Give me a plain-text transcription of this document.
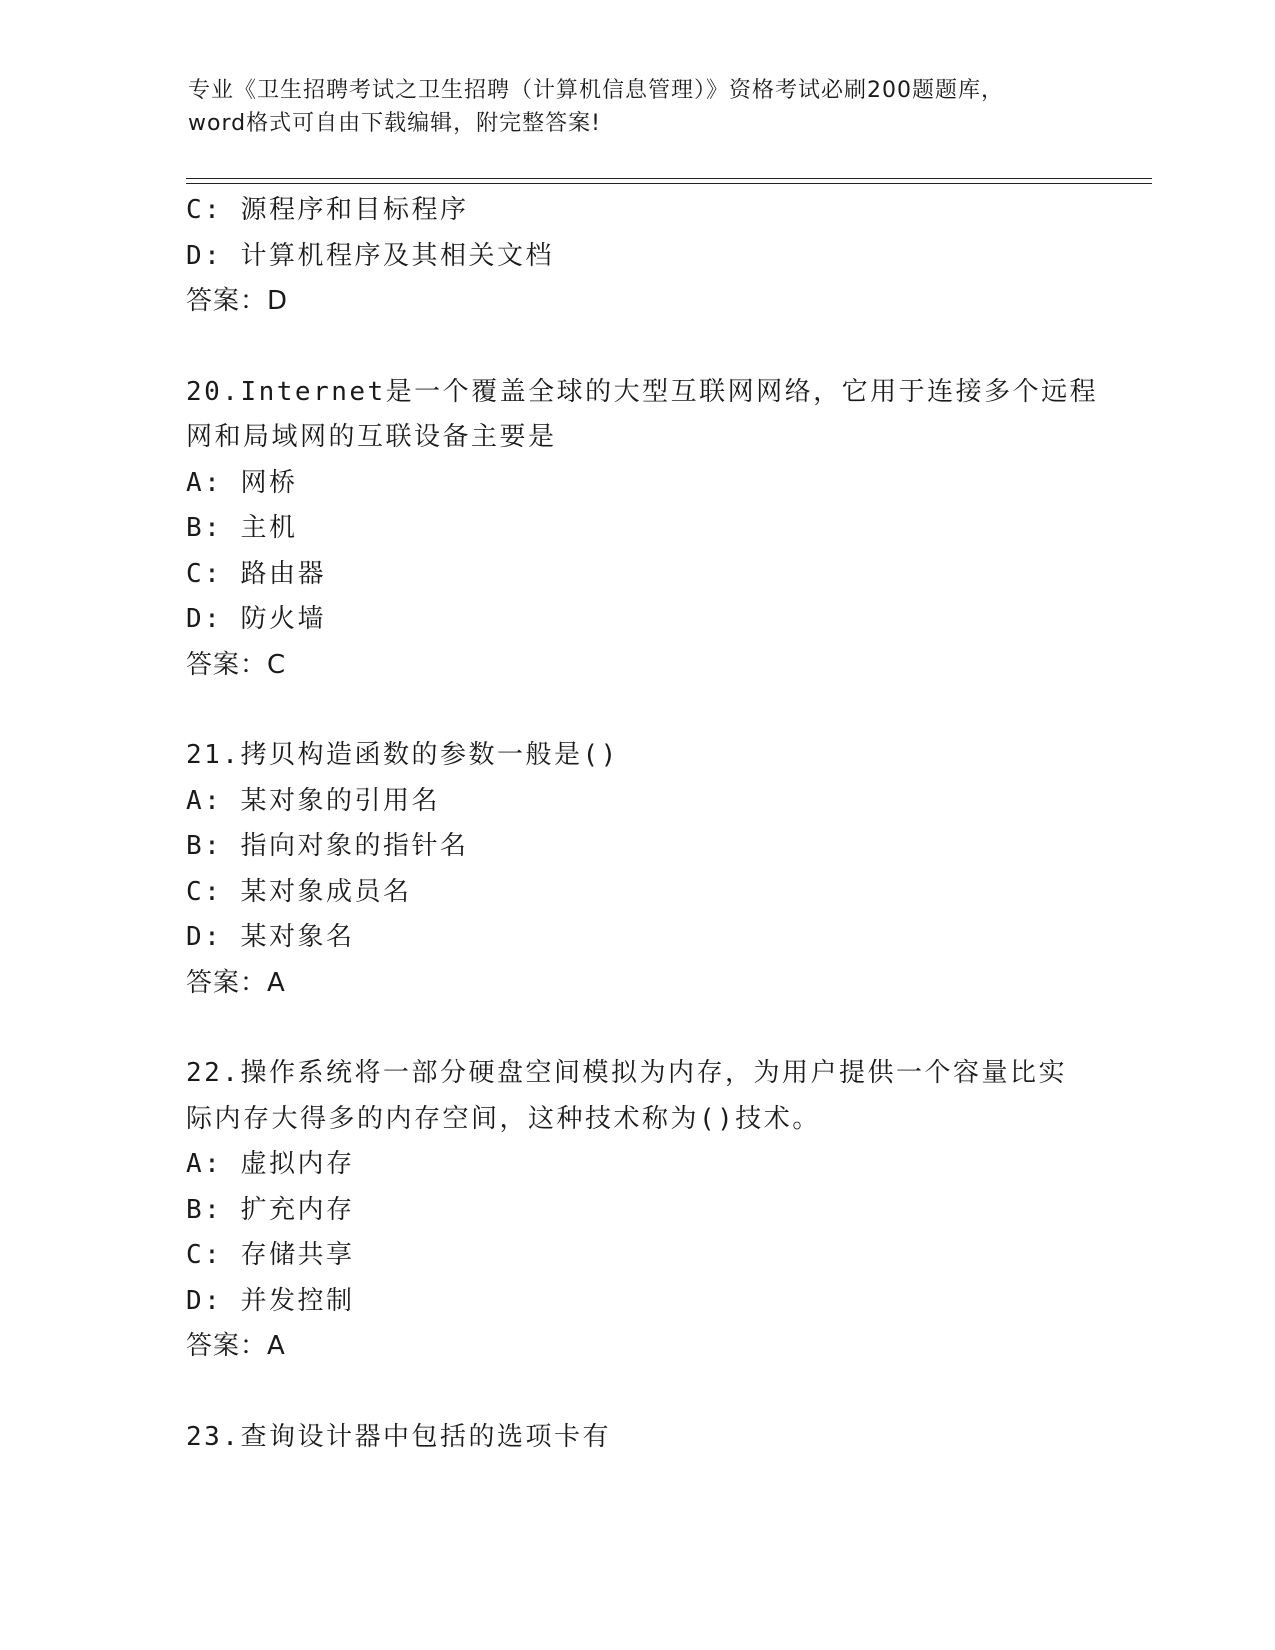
专业《卫生招聘考试之卫生招聘（计算机信息管理）》资格考试必刷200题题库，
word格式可自由下载编辑，附完整答案!
C: 源程序和目标程序
D: 计算机程序及其相关文档
答案：D
20.Internet是一个覆盖全球的大型互联网网络，它用于连接多个远程
网和局域网的互联设备主要是
A: 网桥
B: 主机
C: 路由器
D: 防火墙
答案：C
21.拷贝构造函数的参数一般是()
A: 某对象的引用名
B: 指向对象的指针名
C: 某对象成员名
D: 某对象名
答案：A
22.操作系统将一部分硬盘空间模拟为内存，为用户提供一个容量比实
际内存大得多的内存空间，这种技术称为()技术。
A: 虚拟内存
B: 扩充内存
C: 存储共享
D: 并发控制
答案：A
23.查询设计器中包括的选项卡有
